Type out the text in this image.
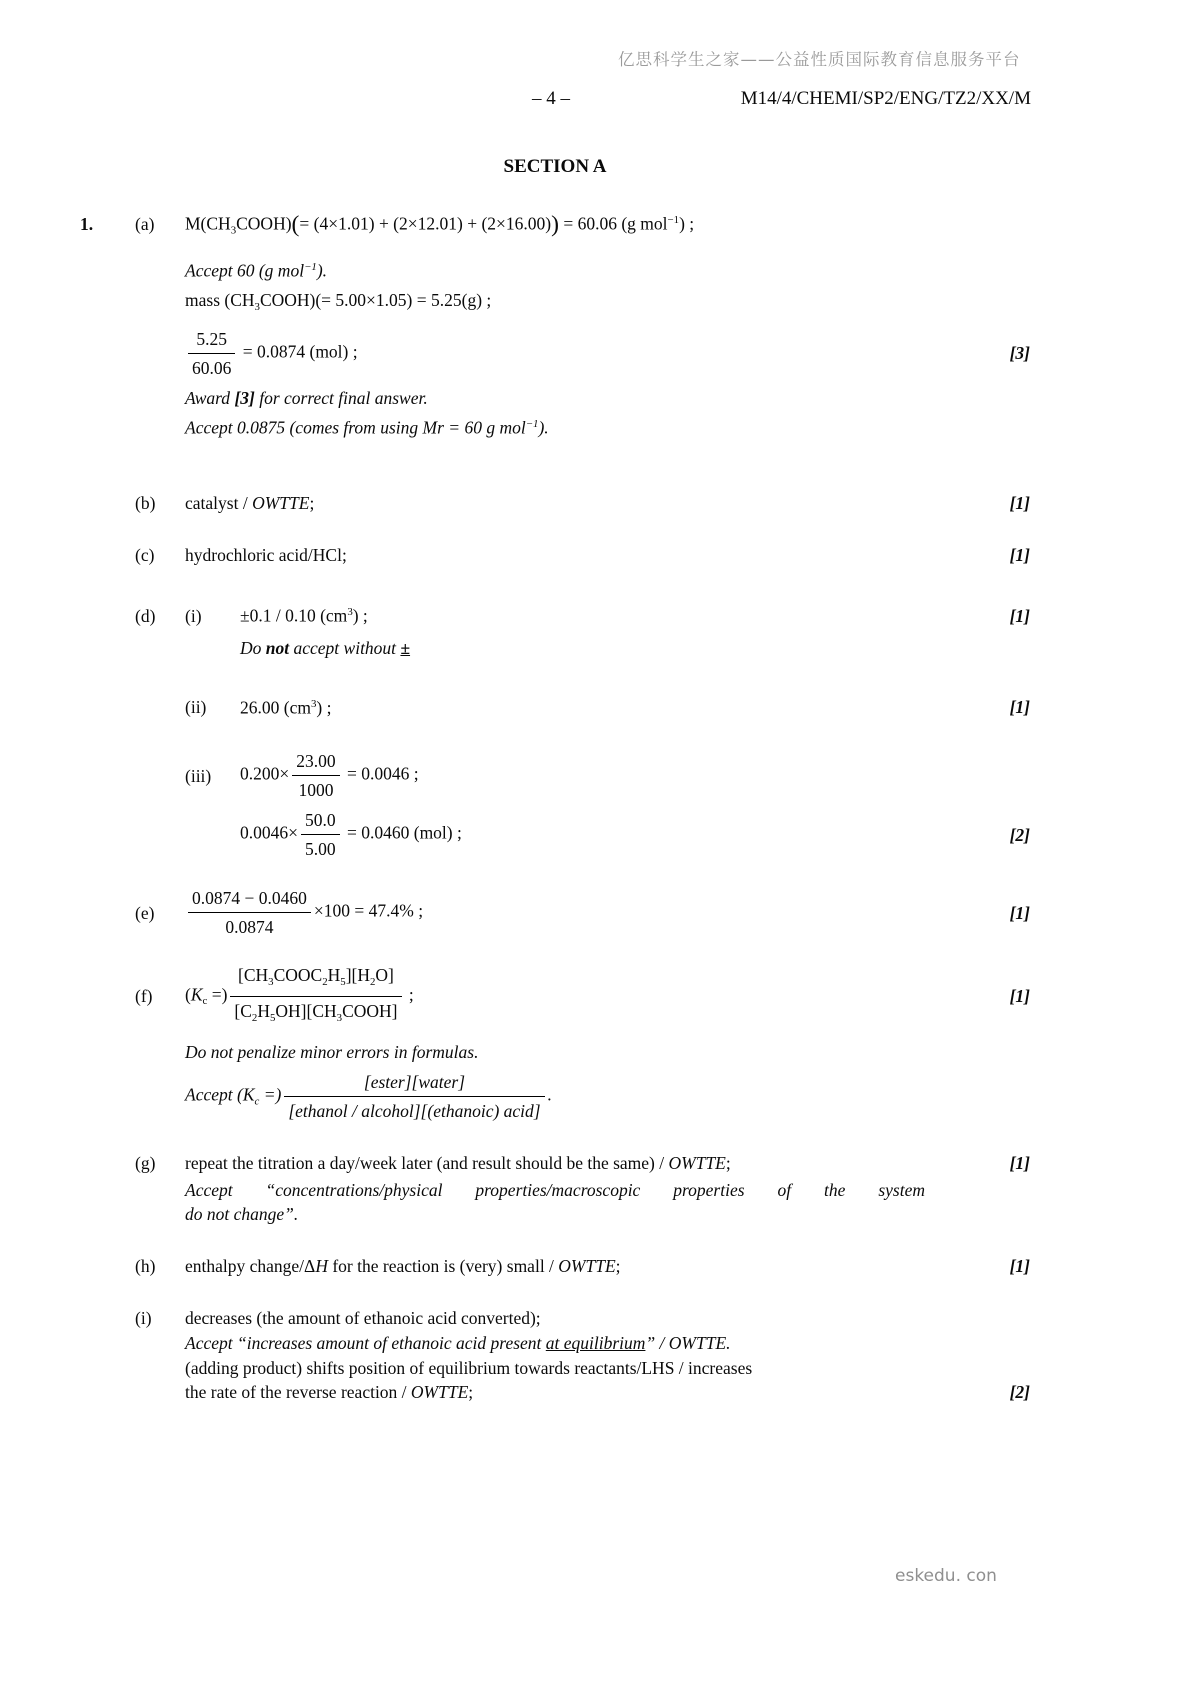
亿思科学生之家——公益性质国际教育信息服务平台
– 4 –	M14/4/CHEMI/SP2/ENG/TZ2/XX/M
SECTION A
1.	(a)	$M(CH_3COOH)(= (4\times 1.01) + (2\times 12.01) + (2\times 16.00)) = 60.06$ (g mol$^{-1}$) ;
Accept 60 (g mol$^{-1}$).
mass $(CH_3COOH)(= 5.00\times 1.05) = 5.25(g)$ ;
$\frac{5.25}{60.06} = 0.0874$ (mol) ;	[3]
Award [3] for correct final answer.
Accept 0.0875 (comes from using Mr = 60 g mol$^{-1}$).
(b)	catalyst / OWTTE;	[1]
(c)	hydrochloric acid/HCl;	[1]
(d)	(i)	±0.1 / 0.10 $(cm^3)$ ;	[1]
Do not accept without ±
(ii)	26.00 $(cm^3)$ ;	[1]
(iii)	$0.200\times \frac{23.00}{1000} = 0.0046$ ;
$0.0046\times \frac{50.0}{5.00} = 0.0460$ (mol) ;	[2]
(e)	$\frac{0.0874 - 0.0460}{0.0874} \times 100 = 47.4\%$ ;	[1]
(f)	($K_c$ =) $\frac{[CH_3COOC_2H_5][H_2O]}{[C_2H_5OH][CH_3COOH]}$ ;	[1]
Do not penalize minor errors in formulas.
Accept ($K_c$ =) $\frac{\text{[ester][water]}}{\text{[ethanol / alcohol][(ethanoic) acid]}}$ .
(g)	repeat the titration a day/week later (and result should be the same) / OWTTE;	[1]
Accept “concentrations/physical properties/macroscopic properties of the system
do not change”.
(h)	enthalpy change/ΔH for the reaction is (very) small / OWTTE;	[1]
(i)	decreases (the amount of ethanoic acid converted);
Accept “increases amount of ethanoic acid present at equilibrium” / OWTTE.
(adding product) shifts position of equilibrium towards reactants/LHS / increases
the rate of the reverse reaction / OWTTE;	[2]
eskedu. con
